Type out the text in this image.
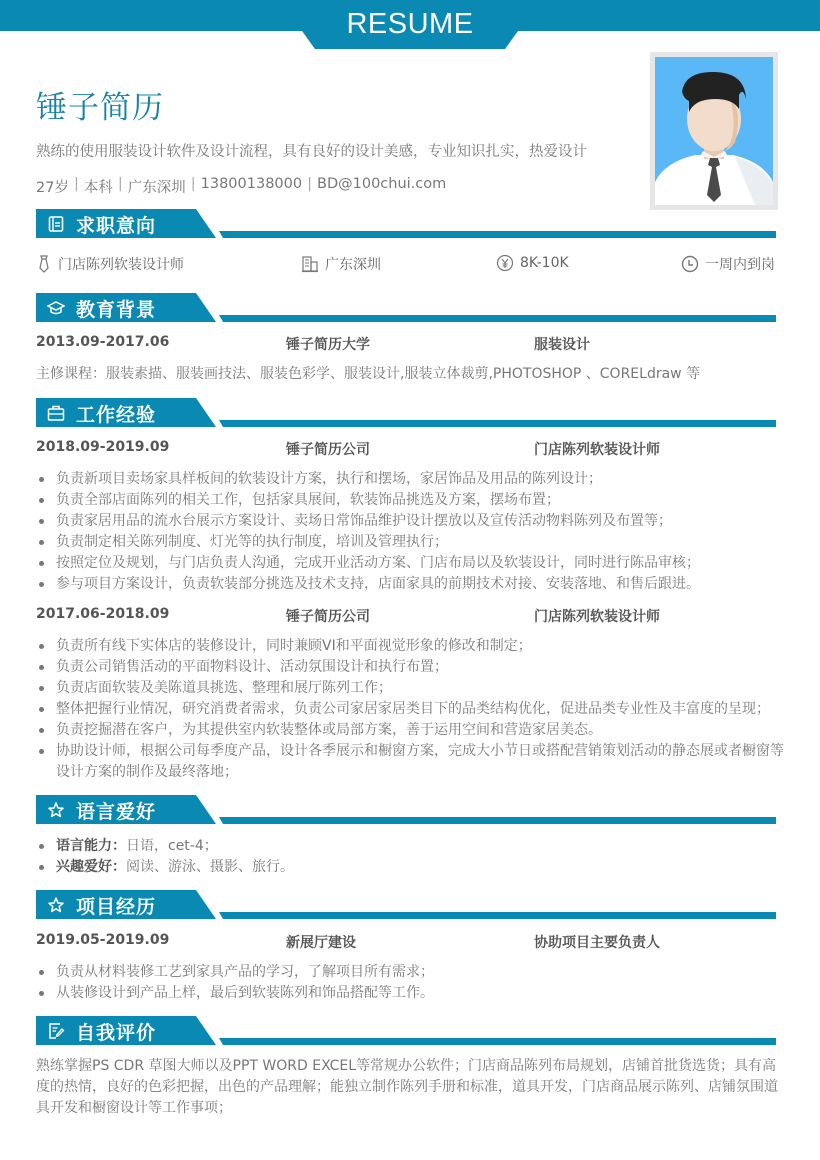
RESUME
锤子简历
熟练的使用服装设计软件及设计流程，具有良好的设计美感，专业知识扎实，热爱设计
27岁 | 本科 | 广东深圳 | 13800138000 | BD@100chui.com
求职意向
门店陈列软装设计师	广东深圳	8K-10K	一周内到岗
教育背景
2013.09-2017.06	锤子简历大学	服装设计
主修课程：服装素描、服装画技法、服装色彩学、服装设计,服装立体裁剪,PHOTOSHOP 、CORELdraw 等
工作经验
2018.09-2019.09	锤子简历公司	门店陈列软装设计师
负责新项目卖场家具样板间的软装设计方案，执行和摆场，家居饰品及用品的陈列设计；
负责全部店面陈列的相关工作，包括家具展间，软装饰品挑选及方案，摆场布置；
负责家居用品的流水台展示方案设计、卖场日常饰品维护设计摆放以及宣传活动物料陈列及布置等；
负责制定相关陈列制度、灯光等的执行制度，培训及管理执行；
按照定位及规划，与门店负责人沟通，完成开业活动方案、门店布局以及软装设计，同时进行陈品审核；
参与项目方案设计，负责软装部分挑选及技术支持，店面家具的前期技术对接、安装落地、和售后跟进。
2017.06-2018.09	锤子简历公司	门店陈列软装设计师
负责所有线下实体店的装修设计，同时兼顾VI和平面视觉形象的修改和制定；
负责公司销售活动的平面物料设计、活动氛围设计和执行布置；
负责店面软装及美陈道具挑选、整理和展厅陈列工作；
整体把握行业情况，研究消费者需求，负责公司家居家居类目下的品类结构优化，促进品类专业性及丰富度的呈现；
负责挖掘潜在客户，为其提供室内软装整体或局部方案，善于运用空间和营造家居美态。
协助设计师，根据公司每季度产品，设计各季展示和橱窗方案，完成大小节日或搭配营销策划活动的静态展或者橱窗等设计方案的制作及最终落地；
语言爱好
语言能力：日语，cet-4；
兴趣爱好：阅读、游泳、摄影、旅行。
项目经历
2019.05-2019.09	新展厅建设	协助项目主要负责人
负责从材料装修工艺到家具产品的学习，了解项目所有需求；
从装修设计到产品上样，最后到软装陈列和饰品搭配等工作。
自我评价
熟练掌握PS CDR 草图大师以及PPT WORD EXCEL等常规办公软件；门店商品陈列布局规划，店铺首批货选货；具有高度的热情，良好的色彩把握，出色的产品理解；能独立制作陈列手册和标准，道具开发，门店商品展示陈列、店铺氛围道具开发和橱窗设计等工作事项；
